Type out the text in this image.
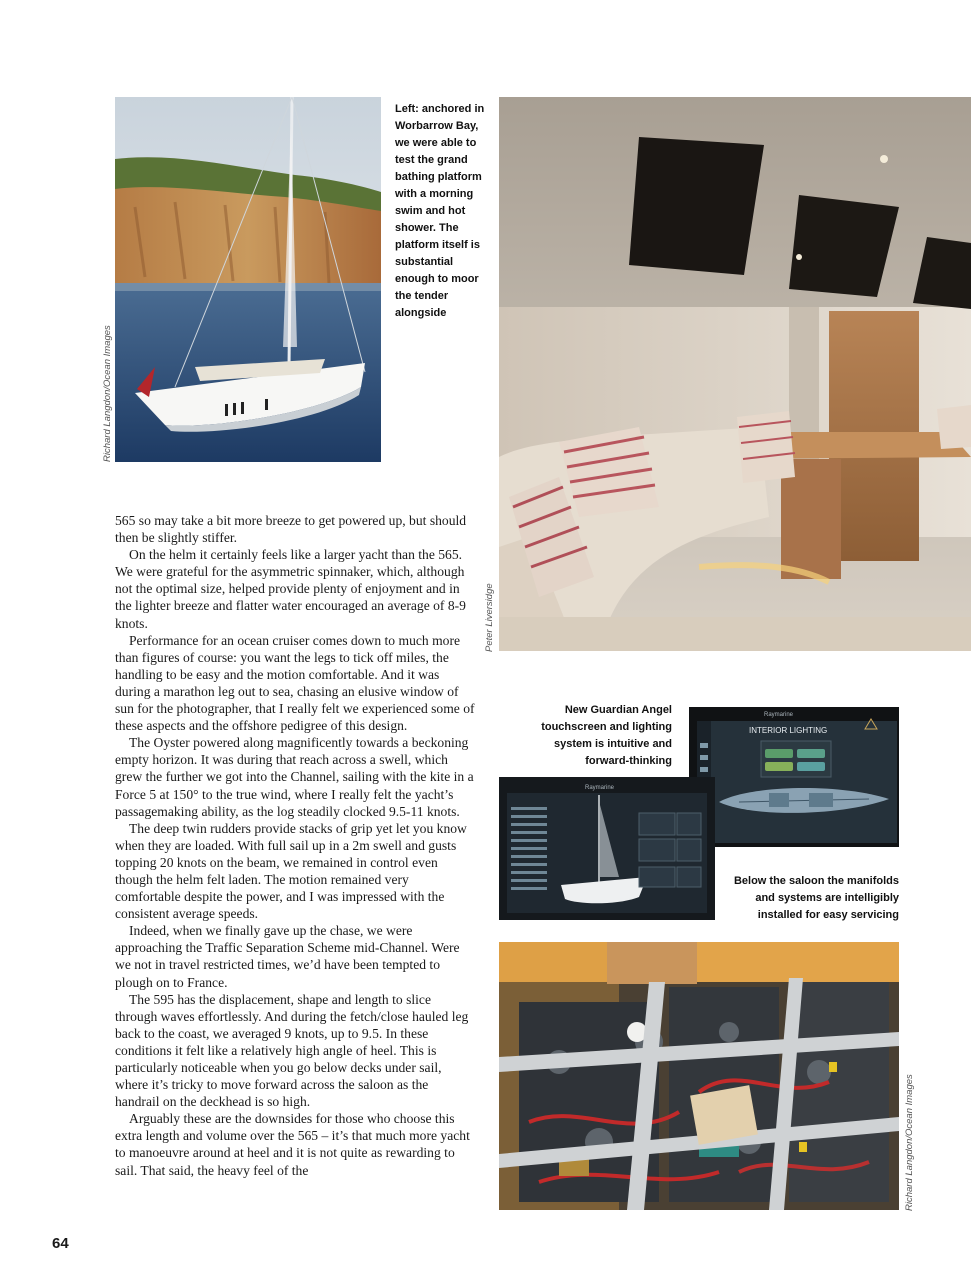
Richard Langdon/Ocean Images
Left: anchored in Worbarrow Bay, we were able to test the grand bathing platform with a morning swim and hot shower. The platform itself is substantial enough to moor the tender alongside
Peter Liversidge

565 so may take a bit more breeze to get powered up, but should then be slightly stiffer.

On the helm it certainly feels like a larger yacht than the 565. We were grateful for the asymmetric spinnaker, which, although not the optimal size, helped provide plenty of enjoyment and in the lighter breeze and flatter water encouraged an average of 8-9 knots.

Performance for an ocean cruiser comes down to much more than figures of course: you want the legs to tick off miles, the handling to be easy and the motion comfortable. And it was during a marathon leg out to sea, chasing an elusive window of sun for the photographer, that I really felt we experienced some of these aspects and the offshore pedigree of this design.

The Oyster powered along magnificently towards a beckoning empty horizon. It was during that reach across a swell, which grew the further we got into the Channel, sailing with the kite in a Force 5 at 150° to the true wind, where I really felt the yacht’s passagemaking ability, as the log steadily clocked 9.5-11 knots.

The deep twin rudders provide stacks of grip yet let you know when they are loaded. With full sail up in a 2m swell and gusts topping 20 knots on the beam, we remained in control even though the helm felt laden. The motion remained very comfortable despite the power, and I was impressed with the consistent average speeds.

Indeed, when we finally gave up the chase, we were approaching the Traffic Separation Scheme mid-Channel. Were we not in travel restricted times, we’d have been tempted to plough on to France.

The 595 has the displacement, shape and length to slice through waves effortlessly. And during the fetch/close hauled leg back to the coast, we averaged 9 knots, up to 9.5. In these conditions it felt like a relatively high angle of heel. This is particularly noticeable when you go below decks under sail, where it’s tricky to move forward across the saloon as the handrail on the deckhead is so high.

Arguably these are the downsides for those who choose this extra length and volume over the 565 – it’s that much more yacht to manoeuvre around at heel and it is not quite as rewarding to sail. That said, the heavy feel of the

New Guardian Angel touchscreen and lighting system is intuitive and forward-thinking
INTERIOR LIGHTING
Raymarine
Raymarine
Below the saloon the manifolds and systems are intelligibly installed for easy servicing
Richard Langdon/Ocean Images
64
